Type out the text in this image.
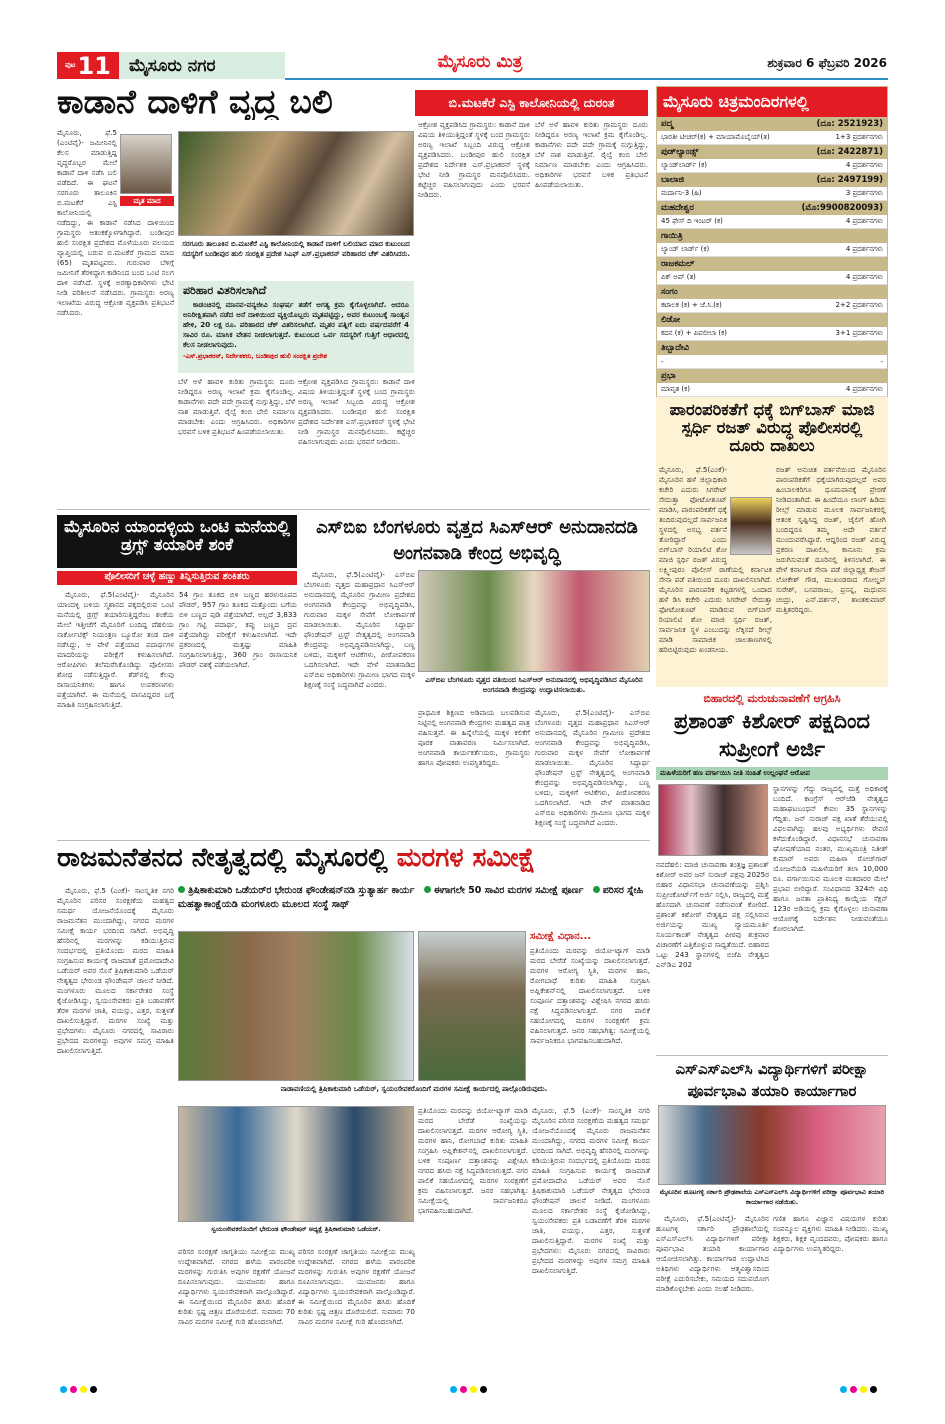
ಪುಟ 11 ಮೈಸೂರು ನಗರ	ಮೈಸೂರು ಮಿತ್ರ	ಶುಕ್ರವಾರ 6 ಫೆಬ್ರವರಿ 2026
ಕಾಡಾನೆ ದಾಳಿಗೆ ವೃದ್ಧ ಬಲಿ	ಬಿ.ಮಟಕೆರೆ ಎಸ್ಟಿ ಕಾಲೋನಿಯಲ್ಲಿ ದುರಂತ
ಮೃತ ಮಾದ
ಮೈಸೂರು, ಫೆ.5 (ಎಂಟಿವೈ)- ಜಮೀನಿನಲ್ಲಿ ಕೆಲಸ ಮಾಡುತ್ತಿದ್ದ ವೃದ್ಧರೊಬ್ಬರ ಮೇಲೆ ಕಾಡಾನೆ ದಾಳಿ ನಡೆಸಿ ಬಲಿ ಪಡೆದಿದೆ. ಈ ಘಟನೆ ಸರಗೂರು ತಾಲೂಕಿನ ಬಿ.ಮಟಕೆರೆ ಎಸ್ಟಿ ಕಾಲೋನಿಯಲ್ಲಿ ನಡೆದಿದ್ದು, ಈ ಕಾಡಾನೆ ನಡೆಸಿದ ದಾಳಿಯಿಂದ ಗ್ರಾಮಸ್ಥರು ಆತಂಕಕ್ಕೊಳಗಾಗಿದ್ದಾರೆ. ಬಂಡೀಪುರ ಹುಲಿ ಸಂರಕ್ಷಿತ ಪ್ರದೇಶದ ಮೊಳೆಯೂರು ವಲಯದ ವ್ಯಾಪ್ತಿಯಲ್ಲಿ ಬರುವ ಬಿ.ಮಟಕೆರೆ ಗ್ರಾಮದ ಮಾದ (65) ಮೃತಪಟ್ಟವರು. ಗುರುವಾರ ಬೆಳಿಗ್ಗೆ ಜಮೀನಿಗೆ ತೆರಳಿದ್ದಾಗ ಕಾಡಿನಿಂದ ಬಂದ ಒಂಟಿ ಸಲಗ ದಾಳಿ ನಡೆಸಿದೆ. ಸ್ಥಳಕ್ಕೆ ಅರಣ್ಯಾಧಿಕಾರಿಗಳು ಭೇಟಿ ನೀಡಿ ಪರಿಶೀಲನೆ ನಡೆಸಿದರು. ಗ್ರಾಮಸ್ಥರು ಅರಣ್ಯ ಇಲಾಖೆಯ ವಿರುದ್ಧ ಆಕ್ರೋಶ ವ್ಯಕ್ತಪಡಿಸಿ ಪ್ರತಿಭಟನೆ ನಡೆಸಿದರು.
ಸರಗೂರು ತಾಲೂಕಿನ ಬಿ.ಮಟಕೆರೆ ಎಸ್ಟಿ ಕಾಲೋನಿಯಲ್ಲಿ ಕಾಡಾನೆ ದಾಳಿಗೆ ಬಲಿಯಾದ ಮಾದ ಕುಟುಂಬದ ಸದಸ್ಯರಿಗೆ ಬಂಡೀಪುರ ಹುಲಿ ಸಂರಕ್ಷಿತ ಪ್ರದೇಶ ಸಿಎಫ್ ಎಸ್.ಪ್ರಭಾಕರನ್ ಪರಿಹಾರದ ಚೆಕ್ ವಿತರಿಸಿದರು.
ಪರಿಹಾರ ವಿತರಿಸಲಾಗಿದೆ
ಕಾಡಂಚಿನಲ್ಲಿ ಮಾನವ-ವನ್ಯಜೀವಿ ಸಂಘರ್ಷ ತಡೆಗೆ ಅಗತ್ಯ ಕ್ರಮ ಕೈಗೊಳ್ಳಲಾಗಿದೆ. ಆದರೂ ಅನಿರೀಕ್ಷಿತವಾಗಿ ನಡೆದ ಆನೆ ದಾಳಿಯಿಂದ ವ್ಯಕ್ತಿಯೊಬ್ಬರು ಮೃತಪಟ್ಟಿದ್ದು, ಅವರ ಕುಟುಂಬಕ್ಕೆ ಸಾಂತ್ವನ ಹೇಳಿ, 20 ಲಕ್ಷ ರೂ. ಪರಿಹಾರದ ಚೆಕ್ ವಿತರಿಸಲಾಗಿದೆ. ಮೃತರ ಪತ್ನಿಗೆ ಐದು ವರ್ಷದವರೆಗೆ 4 ಸಾವಿರ ರೂ. ಮಾಸಿಕ ವೇತನ ನೀಡಲಾಗುತ್ತದೆ. ಕುಟುಂಬದ ಒರ್ವ ಸದಸ್ಯರಿಗೆ ಗುತ್ತಿಗೆ ಆಧಾರದಲ್ಲಿ ಕೆಲಸ ನೀಡಲಾಗುವುದು.
-ಎಸ್.ಪ್ರಭಾಕರನ್, ನಿರ್ದೇಶಕರು, ಬಂಡೀಪುರ ಹುಲಿ ಸಂರಕ್ಷಿತ ಪ್ರದೇಶ
ಬೆಳೆ ಅಳೆ ಹಾವಳಿ ಕುರಿತು ಗ್ರಾಮಸ್ಥರು ದೂರು ನೀಡಿದ್ದರೂ ಅರಣ್ಯ ಇಲಾಖೆ ಕ್ರಮ ಕೈಗೊಂಡಿಲ್ಲ. ಕಾಡಾನೆಗಳು ಪದೇ ಪದೇ ಗ್ರಾಮಕ್ಕೆ ನುಗ್ಗುತ್ತಿದ್ದು, ಬೆಳೆ ನಾಶ ಮಾಡುತ್ತಿವೆ. ರೈಲ್ವೆ ಕಂಬಿ ಬೇಲಿ ನಿರ್ಮಾಣ ಮಾಡಬೇಕು ಎಂದು ಆಗ್ರಹಿಸಿದರು. ಅಧಿಕಾರಿಗಳ ಭರವಸೆ ಬಳಿಕ ಪ್ರತಿಭಟನೆ ಹಿಂಪಡೆಯಲಾಯಿತು.
ಆಕ್ರೋಶ ವ್ಯಕ್ತಪಡಿಸಿದ ಗ್ರಾಮಸ್ಥರು: ಕಾಡಾನೆ ದಾಳಿ ವಿಷಯ ತಿಳಿಯುತ್ತಿದ್ದಂತೆ ಸ್ಥಳಕ್ಕೆ ಬಂದ ಗ್ರಾಮಸ್ಥರು ಅರಣ್ಯ ಇಲಾಖೆ ಸಿಬ್ಬಂದಿ ವಿರುದ್ಧ ಆಕ್ರೋಶ ವ್ಯಕ್ತಪಡಿಸಿದರು. ಬಂಡೀಪುರ ಹುಲಿ ಸಂರಕ್ಷಿತ ಪ್ರದೇಶದ ನಿರ್ದೇಶಕ ಎಸ್.ಪ್ರಭಾಕರನ್ ಸ್ಥಳಕ್ಕೆ ಭೇಟಿ ನೀಡಿ ಗ್ರಾಮಸ್ಥರ ಮನವೊಲಿಸಿದರು. ಕಟ್ಟೆಚ್ಚರ ವಹಿಸಲಾಗುವುದು ಎಂದು ಭರವಸೆ ನೀಡಿದರು.
ಆಕ್ರೋಶ ವ್ಯಕ್ತಪಡಿಸಿದ ಗ್ರಾಮಸ್ಥರು: ಕಾಡಾನೆ ದಾಳಿ ವಿಷಯ ತಿಳಿಯುತ್ತಿದ್ದಂತೆ ಸ್ಥಳಕ್ಕೆ ಬಂದ ಗ್ರಾಮಸ್ಥರು ಅರಣ್ಯ ಇಲಾಖೆ ಸಿಬ್ಬಂದಿ ವಿರುದ್ಧ ಆಕ್ರೋಶ ವ್ಯಕ್ತಪಡಿಸಿದರು. ಬಂಡೀಪುರ ಹುಲಿ ಸಂರಕ್ಷಿತ ಪ್ರದೇಶದ ನಿರ್ದೇಶಕ ಎಸ್.ಪ್ರಭಾಕರನ್ ಸ್ಥಳಕ್ಕೆ ಭೇಟಿ ನೀಡಿ ಗ್ರಾಮಸ್ಥರ ಮನವೊಲಿಸಿದರು. ಕಟ್ಟೆಚ್ಚರ ವಹಿಸಲಾಗುವುದು ಎಂದು ಭರವಸೆ ನೀಡಿದರು.
ಬೆಳೆ ಅಳೆ ಹಾವಳಿ ಕುರಿತು ಗ್ರಾಮಸ್ಥರು ದೂರು ನೀಡಿದ್ದರೂ ಅರಣ್ಯ ಇಲಾಖೆ ಕ್ರಮ ಕೈಗೊಂಡಿಲ್ಲ. ಕಾಡಾನೆಗಳು ಪದೇ ಪದೇ ಗ್ರಾಮಕ್ಕೆ ನುಗ್ಗುತ್ತಿದ್ದು, ಬೆಳೆ ನಾಶ ಮಾಡುತ್ತಿವೆ. ರೈಲ್ವೆ ಕಂಬಿ ಬೇಲಿ ನಿರ್ಮಾಣ ಮಾಡಬೇಕು ಎಂದು ಆಗ್ರಹಿಸಿದರು. ಅಧಿಕಾರಿಗಳ ಭರವಸೆ ಬಳಿಕ ಪ್ರತಿಭಟನೆ ಹಿಂಪಡೆಯಲಾಯಿತು.
ಮೈಸೂರು ಚಿತ್ರಮಂದಿರಗಳಲ್ಲಿ
ಪದ್ಮ	(ದೂ: 2521923)
ಭಾರತೀ ಟೀಚರ್(ಕ) + ಮಾಯಾಮೊಬೈಯ್(ತ)	1+3 ಪ್ರದರ್ಶನಗಳು
ಪುಡ್‌ಲ್ಯಾಂಡ್ಸ್	(ದೂ: 2422871)
ಲ್ಯಾಂಡ್‌ಲಾರ್ಡ್ (ಕ)	4 ಪ್ರದರ್ಶನಗಳು
ಬಾಲಾಜಿ	(ದೂ: 2497199)
ಮರ್ದಾನಿ-3 (ಹಿ)	3 ಪ್ರದರ್ಶನಗಳು
ಮಹದೇಶ್ವರ	(ಮೊ:9900820093)
45 ಫೇಸ್ ದಿ ಇಂಟರ್ (ಕ)	4 ಪ್ರದರ್ಶನಗಳು
ಗಾಯಿತ್ರಿ
ಲ್ಯಾಂಡ್ ಲಾರ್ಡ್ (ಕ)	4 ಪ್ರದರ್ಶನಗಳು
ರಾಜಕಮಲ್
ಪಿಕ್ ಅಪ್ (ತ)	4 ಪ್ರದರ್ಶನಗಳು
ಸಂಗಂ
ಕಟಾಲಕ (ಕ) + ಜೆ.ಸಿ.(ಕ)	2+2 ಪ್ರದರ್ಶನಗಳು
ಲಿಡೋ
ಕದನ (ಕ) + ಪಿಪಲೀಲಾ (ಕ)	3+1 ಪ್ರದರ್ಶನಗಳು
ತಿಬ್ಬಾದೇವಿ
-	-
ಪ್ರಭಾ
ಮಾವೃತ (ಕ)	4 ಪ್ರದರ್ಶನಗಳು
ಪಾರಂಪರಿಕತೆಗೆ ಧಕ್ಕೆ ಬಿಗ್‌ಬಾಸ್ ಮಾಜಿ ಸ್ಪರ್ಧಿ ರಜತ್ ವಿರುದ್ಧ ಪೊಲೀಸರಲ್ಲಿ ದೂರು ದಾಖಲು
ಮೈಸೂರು, ಫೆ.5(ಎಂಕೆ)- ಮೈಸೂರಿನ ಹಳೆ ಜಿಲ್ಲಾಧಿಕಾರಿ ಕಚೇರಿ ಎದುರು ಸಿಗರೇಟ್ ಸೇದುತ್ತಾ ಫೋಟೋಶೂಟ್ ಮಾಡಿಸಿ, ಪಾರಂಪರಿಕತೆಗೆ ಧಕ್ಕೆ ತಂದಿರುವುದಲ್ಲದೆ ಸಾರ್ವಜನಿಕ ಸ್ಥಳದಲ್ಲಿ ಅಸಭ್ಯ ವರ್ತನೆ ತೋರಿದ್ದಾರೆ ಎಂದು ಬಿಗ್‌ಬಾಸ್ ರಿಯಾಲಿಟಿ ಶೋ ಮಾಜಿ ಸ್ಪರ್ಧಿ ರಜತ್ ವಿರುದ್ಧ ಲಕ್ಷ್ಮೀಪುರಂ ಪೊಲೀಸ್ ಠಾಣೆಯಲ್ಲಿ ಕರ್ನಾಟಕ ಸೇನಾ ಪಡೆ ವತಿಯಿಂದ ದೂರು ದಾಖಲಿಸಲಾಗಿದೆ. ಮೈಸೂರಿನ ಪಾರಂಪರಿಕ ಕಟ್ಟಡಗಳಲ್ಲಿ ಒಂದಾದ ಹಳೆ ಡಿಸಿ ಕಚೇರಿ ಎದುರು ಸಿಗರೇಟ್ ಸೇದುತ್ತಾ ಫೋಟೋಶೂಟ್ ಮಾಡಿರುವ ಬಿಗ್‌ಬಾಸ್ ರಿಯಾಲಿಟಿ ಶೋ ಮಾಜಿ ಸ್ಪರ್ಧಿ ರಜತ್, ಸಾರ್ವಜನಿಕ ಸ್ಥಳ ಎಂಬುದನ್ನು ಲೆಕ್ಕಿಸದೆ ರೀಲ್ಸ್ ಮಾಡಿ ಸಾಮಾಜಿಕ ಜಾಲತಾಣಗಳಲ್ಲಿ ಹರಿಬಿಟ್ಟಿರುವುದು ಖಂಡನೀಯ.
ರಜತ್ ಅನುಚಿತ ವರ್ತನೆಯಿಂದ ಮೈಸೂರಿನ ಪಾರಂಪರಿಕತೆಗೆ ಧಕ್ಕೆಯಾಗಿರುವುದಲ್ಲದೆ ಅವರ ಹಿಂಬಾಲಕರಿಗೂ ಧೂಮಪಾನಕ್ಕೆ ಪ್ರೇರಣೆ ನೀಡಿದಂತಾಗಿದೆ. ಈ ಹಿಂದೆಯೂ ಲಾಂಗ್ ಹಿಡಿದು ರೀಲ್ಸ್ ಮಾಡುವ ಮೂಲಕ ಸಾರ್ವಜನಿಕರಲ್ಲಿ ಆತಂಕ ಸೃಷ್ಟಿಸಿದ್ದ ರಜತ್, ಜೈಲಿಗೆ ಹೋಗಿ ಬಂದಿದ್ದರೂ ತಮ್ಮ ಅದೇ ವರ್ತನೆ ಮುಂದುವರೆಸಿದ್ದಾರೆ. ಆದ್ದರಿಂದ ರಜತ್ ವಿರುದ್ಧ ಪ್ರಕರಣ ದಾಖಲಿಸಿ, ಕಾನೂನು ಕ್ರಮ ಜರುಗಿಸುವಂತೆ ದೂರಿನಲ್ಲಿ ತಿಳಿಸಲಾಗಿದೆ. ಈ ವೇಳೆ ಕರ್ನಾಟಕ ಸೇನಾ ಪಡೆ ಜಿಲ್ಲಾಧ್ಯಕ್ಷ ತೇಜಸ್ ಲೋಕೇಶ್ ಗೌಡ, ಮುಖಂಡರಾದ ಗೋಲ್ಡನ್ ಸುರೇಶ್, ಬಸವರಾಜು, ಪ್ರಸನ್ನ, ಮಧುವನ ಚಂದ್ರು, ಎನ್.ದರ್ಶನ್, ಶಾಂತಕುಮಾರ್ ಮತ್ತಿತರರಿದ್ದರು.
ಬಿಹಾರದಲ್ಲಿ ಮರುಚುನಾವಣೆಗೆ ಆಗ್ರಹಿಸಿ
ಪ್ರಶಾಂತ್ ಕಿಶೋರ್ ಪಕ್ಷದಿಂದ ಸುಪ್ರೀಂಗೆ ಅರ್ಜಿ
ಮಹಿಳೆಯರಿಗೆ ಹಣ ವರ್ಗಾಯಿಸಿ ನೀತಿ ಸಂಹಿತೆ ಉಲ್ಲಂಘನೆ ಆರೋಪ
ನವದೆಹಲಿ: ಮಾಜಿ ಚುನಾವಣಾ ತಂತ್ರಜ್ಞ ಪ್ರಶಾಂತ್ ಕಿಶೋರ್ ಅವರ ಜನ್ ಸುರಾಜ್ ಪಕ್ಷವು 2025ರ ಬಿಹಾರ ವಿಧಾನಸಭಾ ಚುನಾವಣೆಯನ್ನು ಪ್ರಶ್ನಿಸಿ ಸುಪ್ರೀಂಕೋರ್ಟ್‌ಗೆ ಅರ್ಜಿ ಸಲ್ಲಿಸಿ, ರಾಜ್ಯದಲ್ಲಿ ಮತ್ತೆ ಹೊಸದಾಗಿ ಚುನಾವಣೆ ನಡೆಸುವಂತೆ ಕೋರಿದೆ. ಪ್ರಶಾಂತ್ ಕಿಶೋರ್ ನೇತೃತ್ವದ ಪಕ್ಷ ಸಲ್ಲಿಸಿರುವ ಅರ್ಜಿಯನ್ನು ಮುಖ್ಯ ನ್ಯಾಯಮೂರ್ತಿ ಸೂರ್ಯಕಾಂತ್ ನೇತೃತ್ವದ ಪೀಠವು ಶುಕ್ರವಾರ ವಿಚಾರಣೆಗೆ ಎತ್ತಿಕೊಳ್ಳುವ ಸಾಧ್ಯತೆಯಿದೆ. ಬಿಹಾರದ ಒಟ್ಟು 243 ಸ್ಥಾನಗಳಲ್ಲಿ ಬಿಜೆಪಿ ನೇತೃತ್ವದ ಎನ್‌ಡಿಎ 202
ಸ್ಥಾನಗಳನ್ನು ಗೆದ್ದು ರಾಜ್ಯದಲ್ಲಿ ಮತ್ತೆ ಅಧಿಕಾರಕ್ಕೆ ಬಂದಿದೆ. ಕಾಂಗ್ರೆಸ್ ಆರ್‌ಜೆಡಿ ನೇತೃತ್ವದ ಮಹಾಘಟಬಂಧನ್ ಕೇವಲ 35 ಸ್ಥಾನಗಳನ್ನು ಗೆದ್ದಿತು. ಜನ್ ಸುರಾಜ್ ಪಕ್ಷ ಖಾತೆ ತೆರೆಯುವಲ್ಲಿ ವಿಫಲವಾಗಿದ್ದು ಹಲವು ಅಭ್ಯರ್ಥಿಗಳು ಠೇವಣಿ ಕಳೆದುಕೊಂಡಿದ್ದಾರೆ. ವಿಧಾನಸಭೆ ಚುನಾವಣಾ ಘೋಷಣೆಯಾದ ನಂತರ, ಮುಖ್ಯಮಂತ್ರಿ ನಿತೀಶ್ ಕುಮಾರ್ ಅವರು ಮಹಿಳಾ ರೋಜ್‌ಗಾರ್ ಯೋಜನೆಯಡಿ ಮಹಿಳೆಯರಿಗೆ ತಲಾ 10,000 ರೂ. ವರ್ಗಾಯಿಸುವ ಮೂಲಕ ಮತದಾರರ ಮೇಲೆ ಪ್ರಭಾವ ಬೀರಿದ್ದಾರೆ. ಸಂವಿಧಾನದ 324ನೇ ವಿಧಿ ಹಾಗೂ ಜನತಾ ಪ್ರಾತಿನಿಧ್ಯ ಕಾಯ್ದೆಯ ಸೆಕ್ಷನ್ 123ರ ಅಡಿಯಲ್ಲಿ ಕ್ರಮ ಕೈಗೊಳ್ಳಲು ಚುನಾವಣಾ ಆಯೋಗಕ್ಕೆ ನಿರ್ದೇಶನ ನೀಡುವಂತೆಯೂ ಕೋರಲಾಗಿದೆ.
ಮೈಸೂರಿನ ಯಾಂದಳ್ಳಿಯ ಒಂಟಿ ಮನೆಯಲ್ಲಿ ಡ್ರಗ್ಸ್ ತಯಾರಿಕೆ ಶಂಕೆ
ಪೊಲೀಸರಿಗೆ ಚಳ್ಳೆ ಹಣ್ಣು ತಿನ್ನಿಸುತ್ತಿರುವ ಶಂಕಿತರು
ಮೈಸೂರು, ಫೆ.5(ಎಂಟಿವೈ)- ಮೈಸೂರಿನ ಯಾಂದಳ್ಳಿ ಬಳಿಯ ಸ್ಮಶಾನದ ಪಕ್ಕದಲ್ಲಿರುವ ಒಂಟಿ ಮನೆಯಲ್ಲಿ ಡ್ರಗ್ಸ್ ತಯಾರಿಸುತ್ತಿದ್ದರೆಂಬ ಶಂಕೆಯ ಮೇಲೆ ಇತ್ತೀಚೆಗೆ ಮೈಸೂರಿಗೆ ಬಂದಿದ್ದ ದೆಹಲಿಯ ನಾರ್ಕೋಟಿಕ್ಸ್ ನಿಯಂತ್ರಣ ಬ್ಯೂರೋ ತಂಡ ದಾಳಿ ನಡೆಸಿದ್ದು, ಆ ವೇಳೆ ಪತ್ತೆಯಾದ ಪದಾರ್ಥಗಳ ಮಾದರಿಯನ್ನು ಪರೀಕ್ಷೆಗೆ ಕಳುಹಿಸಲಾಗಿದೆ. ಆರೋಪಿಗಳು ತಲೆಮರೆಸಿಕೊಂಡಿದ್ದು ಪೊಲೀಸರು ಶೋಧ ನಡೆಸುತ್ತಿದ್ದಾರೆ. ಶೆಡ್‌ನಲ್ಲಿ ಕೆಲವು ರಾಸಾಯನಿಕಗಳು ಹಾಗೂ ಉಪಕರಣಗಳು ಪತ್ತೆಯಾಗಿವೆ. ಈ ಮನೆಯಲ್ಲಿ ವಾಸವಿದ್ದವರ ಬಗ್ಗೆ ಮಾಹಿತಿ ಸಂಗ್ರಹಿಸಲಾಗುತ್ತಿದೆ.
54 ಗ್ರಾಂ ತೂಕದ ಬಿಳಿ ಬಣ್ಣದ ಹರಳುರೂಪದ ಪೌಡರ್, 957 ಗ್ರಾಂ ತೂಕದ ಮತ್ತೊಂದು ಬಗೆಯ ಬಿಳಿ ಬಣ್ಣದ ಪುಡಿ ಪತ್ತೆಯಾಗಿದೆ. ಅಲ್ಲದೆ 3,833 ಗ್ರಾಂ ಗಟ್ಟಿ ಪದಾರ್ಥ, ಕಪ್ಪು ಬಣ್ಣದ ದ್ರವ ಪತ್ತೆಯಾಗಿದ್ದು ಪರೀಕ್ಷೆಗೆ ಕಳುಹಿಸಲಾಗಿದೆ. ಇದೇ ಪ್ರಕರಣದಲ್ಲಿ ಮತ್ತಷ್ಟು ಮಾಹಿತಿ ಸಂಗ್ರಹಿಸಲಾಗುತ್ತಿದ್ದು, 360 ಗ್ರಾಂ ರಾಸಾಯನಿಕ ಪೌಡರ್ ವಶಕ್ಕೆ ಪಡೆಯಲಾಗಿದೆ.
ಎಸ್‌ಬಿಐ ಬೆಂಗಳೂರು ವೃತ್ತದ ಸಿಎಸ್‌ಆರ್ ಅನುದಾನದಡಿ ಅಂಗನವಾಡಿ ಕೇಂದ್ರ ಅಭಿವೃದ್ಧಿ
ಮೈಸೂರು, ಫೆ.5(ಎಂಟಿವೈ)- ಎಸ್‌ಬಿಐ ಬೆಂಗಳೂರು ವೃತ್ತದ ಮಹಾಪ್ರಧಾನ ಸಿಎಸ್‌ಆರ್ ಅನುದಾನದಲ್ಲಿ ಮೈಸೂರಿನ ಗ್ರಾಮೀಣ ಪ್ರದೇಶದ ಅಂಗನವಾಡಿ ಕೇಂದ್ರವನ್ನು ಅಭಿವೃದ್ಧಿಪಡಿಸಿ, ಗುರುವಾರ ಮಕ್ಕಳ ಸೇವೆಗೆ ಲೋಕಾರ್ಪಣೆ ಮಾಡಲಾಯಿತು. ಮೈಸೂರಿನ ಸಿದ್ದಾರ್ಥ ಫೌಂಡೇಷನ್ ಟ್ರಸ್ಟ್ ನೇತೃತ್ವದಲ್ಲಿ ಅಂಗನವಾಡಿ ಕೇಂದ್ರವನ್ನು ಅಭಿವೃದ್ಧಿಪಡಿಸಲಾಗಿದ್ದು, ಬಣ್ಣ ಬಳಿದು, ಮಕ್ಕಳಿಗೆ ಆಟಿಕೆಗಳು, ಪೀಠೋಪಕರಣ ಒದಗಿಸಲಾಗಿದೆ. ಇದೇ ವೇಳೆ ಮಾತನಾಡಿದ ಎಸ್‌ಬಿಐ ಅಧಿಕಾರಿಗಳು ಗ್ರಾಮೀಣ ಭಾಗದ ಮಕ್ಕಳ ಶಿಕ್ಷಣಕ್ಕೆ ಸಂಸ್ಥೆ ಬದ್ಧವಾಗಿದೆ ಎಂದರು.	ಎಸ್‌ಬಿಐ ಬೆಂಗಳೂರು ವೃತ್ತದ ವತಿಯಿಂದ ಸಿಎಸ್‌ಆರ್ ಅನುದಾನದಲ್ಲಿ ಅಭಿವೃದ್ಧಿಪಡಿಸಿದ ಮೈಸೂರಿನ ಅಂಗನವಾಡಿ ಕೇಂದ್ರವನ್ನು ಉದ್ಘಾಟಿಸಲಾಯಿತು.
ಪ್ರಾಥಮಿಕ ಶಿಕ್ಷಣದ ಅಡಿಪಾಯ ಬಲಪಡಿಸುವ ನಿಟ್ಟಿನಲ್ಲಿ ಅಂಗನವಾಡಿ ಕೇಂದ್ರಗಳು ಮಹತ್ವದ ಪಾತ್ರ ವಹಿಸುತ್ತವೆ. ಈ ಹಿನ್ನೆಲೆಯಲ್ಲಿ ಮಕ್ಕಳ ಕಲಿಕೆಗೆ ಪೂರಕ ವಾತಾವರಣ ನಿರ್ಮಿಸಲಾಗಿದೆ. ಅಂಗನವಾಡಿ ಕಾರ್ಯಕರ್ತೆಯರು, ಗ್ರಾಮಸ್ಥರು ಹಾಗೂ ಪೋಷಕರು ಉಪಸ್ಥಿತರಿದ್ದರು.
ಮೈಸೂರು, ಫೆ.5(ಎಂಟಿವೈ)- ಎಸ್‌ಬಿಐ ಬೆಂಗಳೂರು ವೃತ್ತದ ಮಹಾಪ್ರಧಾನ ಸಿಎಸ್‌ಆರ್ ಅನುದಾನದಲ್ಲಿ ಮೈಸೂರಿನ ಗ್ರಾಮೀಣ ಪ್ರದೇಶದ ಅಂಗನವಾಡಿ ಕೇಂದ್ರವನ್ನು ಅಭಿವೃದ್ಧಿಪಡಿಸಿ, ಗುರುವಾರ ಮಕ್ಕಳ ಸೇವೆಗೆ ಲೋಕಾರ್ಪಣೆ ಮಾಡಲಾಯಿತು. ಮೈಸೂರಿನ ಸಿದ್ದಾರ್ಥ ಫೌಂಡೇಷನ್ ಟ್ರಸ್ಟ್ ನೇತೃತ್ವದಲ್ಲಿ ಅಂಗನವಾಡಿ ಕೇಂದ್ರವನ್ನು ಅಭಿವೃದ್ಧಿಪಡಿಸಲಾಗಿದ್ದು, ಬಣ್ಣ ಬಳಿದು, ಮಕ್ಕಳಿಗೆ ಆಟಿಕೆಗಳು, ಪೀಠೋಪಕರಣ ಒದಗಿಸಲಾಗಿದೆ. ಇದೇ ವೇಳೆ ಮಾತನಾಡಿದ ಎಸ್‌ಬಿಐ ಅಧಿಕಾರಿಗಳು ಗ್ರಾಮೀಣ ಭಾಗದ ಮಕ್ಕಳ ಶಿಕ್ಷಣಕ್ಕೆ ಸಂಸ್ಥೆ ಬದ್ಧವಾಗಿದೆ ಎಂದರು.
ರಾಜಮನೆತನದ ನೇತೃತ್ವದಲ್ಲಿ ಮೈಸೂರಲ್ಲಿ ಮರಗಳ ಸಮೀಕ್ಷೆ
ತ್ರಿಷಿಕಾಕುಮಾರಿ ಒಡೆಯರ್‌ರ ಭೇರುಂಡ ಫೌಂಡೇಷನ್‌ನಡಿ ಸ್ತುತ್ಯಾರ್ಹ ಕಾರ್ಯ ಈಗಾಗಲೇ 50 ಸಾವಿರ ಮರಗಳ ಸಮೀಕ್ಷೆ ಪೂರ್ಣ ಪರಿಸರ ಸ್ನೇಹಿ ಮಹತ್ವಾಕಾಂಕ್ಷೆಯಡಿ ಮಂಗಳೂರು ಮೂಲದ ಸಂಸ್ಥೆ ಸಾಥ್
ಮೈಸೂರು, ಫೆ.5 (ಎಂಕೆ)- ಸಾಂಸ್ಕೃತಿಕ ನಗರಿ ಮೈಸೂರಿನ ಪರಿಸರ ಸಂರಕ್ಷಣೆಯ ಮಹತ್ವದ ಸಮರ್ಥ ಯೋಜನೆಯೊಂದಕ್ಕೆ ಮೈಸೂರು ರಾಜಮನೆತನ ಮುಂದಾಗಿದ್ದು, ನಗರದ ಮರಗಳ ಸಮೀಕ್ಷೆ ಕಾರ್ಯ ಭರದಿಂದ ಸಾಗಿದೆ. ಅಭಿವೃದ್ಧಿ ಹೆಸರಿನಲ್ಲಿ ಮರಗಳನ್ನು ಕಡಿಯುತ್ತಿರುವ ಸಂದರ್ಭದಲ್ಲಿ ಪ್ರತಿಯೊಂದು ಮರದ ಮಾಹಿತಿ ಸಂಗ್ರಹಿಸುವ ಕಾರ್ಯಕ್ಕೆ ರಾಜಮಾತೆ ಪ್ರಮೋದಾದೇವಿ ಒಡೆಯರ್ ಅವರ ಸೊಸೆ ತ್ರಿಷಿಕಾಕುಮಾರಿ ಒಡೆಯರ್ ನೇತೃತ್ವದ ಭೇರುಂಡ ಫೌಂಡೇಷನ್ ಚಾಲನೆ ನೀಡಿದೆ. ಮಂಗಳೂರು ಮೂಲದ ಸರ್ಕಾರೇತರ ಸಂಸ್ಥೆ ಕೈಜೋಡಿಸಿದ್ದು, ಸ್ವಯಂಸೇವಕರು ಪ್ರತಿ ಬಡಾವಣೆಗೆ ತೆರಳಿ ಮರಗಳ ಜಾತಿ, ವಯಸ್ಸು, ಎತ್ತರ, ಸುತ್ತಳತೆ ದಾಖಲಿಸುತ್ತಿದ್ದಾರೆ. ಮರಗಳ ಸಂಖ್ಯೆ ಮತ್ತು ಪ್ರಭೇದಗಳು: ಮೈಸೂರು ನಗರದಲ್ಲಿ ಸಾವಿರಾರು ಪ್ರಭೇದದ ಮರಗಳಿದ್ದು ಅವುಗಳ ಸಮಗ್ರ ಮಾಹಿತಿ ದಾಖಲಿಸಲಾಗುತ್ತಿದೆ.
ಸಮೀಕ್ಷೆ ವಿಧಾನ...
ಪ್ರತಿಯೊಂದು ಮರವನ್ನು ಜಿಯೋ-ಟ್ಯಾಗ್ ಮಾಡಿ ಮರದ ಬೇರೆಡೆ ಸಂಖ್ಯೆಯನ್ನು ದಾಖಲಿಸಲಾಗುತ್ತದೆ. ಮರಗಳ ಆರೋಗ್ಯ ಸ್ಥಿತಿ, ಮರಗಳ ಹಾನಿ, ರೋಗಬಾಧೆ ಕುರಿತು ಮಾಹಿತಿ ಸಂಗ್ರಹಿಸಿ ಅಪ್ಲಿಕೇಶನ್‌ನಲ್ಲಿ ದಾಖಲಿಸಲಾಗುತ್ತದೆ. ಬಳಿಕ ಸಂಪೂರ್ಣ ದತ್ತಾಂಶವನ್ನು ವಿಶ್ಲೇಷಿಸಿ ನಗರದ ಹಸಿರು ನಕ್ಷೆ ಸಿದ್ಧಪಡಿಸಲಾಗುತ್ತದೆ. ನಗರ ಪಾಲಿಕೆ ಸಹಯೋಗದಲ್ಲಿ ಮರಗಳ ಸಂರಕ್ಷಣೆಗೆ ಕ್ರಮ ವಹಿಸಲಾಗುತ್ತದೆ. ಜನರ ಸಹಭಾಗಿತ್ವ: ಸಮೀಕ್ಷೆಯಲ್ಲಿ ಸಾರ್ವಜನಿಕರೂ ಭಾಗವಹಿಸಬಹುದಾಗಿದೆ.
ನಾಡಾವಣಿಯಲ್ಲಿ ತ್ರಿಷಿಕಾಕುಮಾರಿ ಒಡೆಯರ್, ಸ್ವಯಂಸೇವಕರೊಂದಿಗೆ ಮರಗಳ ಸಮೀಕ್ಷೆ ಕಾರ್ಯದಲ್ಲಿ ಪಾಲ್ಗೊಂಡಿರುವುದು.
ಸ್ವಯಂಸೇವಕರೊಂದಿಗೆ ಭೇರುಂಡ ಫೌಂಡೇಷನ್ ಅಧ್ಯಕ್ಷೆ ತ್ರಿಷಿಕಾಕುಮಾರಿ ಒಡೆಯರ್.
ಪರಿಸರ ಸಂರಕ್ಷಣೆ ಜಾಗೃತಿಯು ಸಮೀಕ್ಷೆಯ ಮುಖ್ಯ ಉದ್ದೇಶವಾಗಿದೆ. ನಗರದ ಹಳೆಯ ಪಾರಂಪರಿಕ ಮರಗಳನ್ನು ಗುರುತಿಸಿ ಅವುಗಳ ರಕ್ಷಣೆಗೆ ಯೋಜನೆ ರೂಪಿಸಲಾಗುವುದು. ಯುವಜನರು ಹಾಗೂ ವಿದ್ಯಾರ್ಥಿಗಳು ಸ್ವಯಂಸೇವಕರಾಗಿ ಪಾಲ್ಗೊಂಡಿದ್ದಾರೆ. ಈ ಸಮೀಕ್ಷೆಯಿಂದ ಮೈಸೂರಿನ ಹಸಿರು ಹೊದಿಕೆ ಕುರಿತು ಸ್ಪಷ್ಟ ಚಿತ್ರಣ ದೊರೆಯಲಿದೆ. ಸುಮಾರು 70 ಸಾವಿರ ಮರಗಳ ಸಮೀಕ್ಷೆ ಗುರಿ ಹೊಂದಲಾಗಿದೆ.
ಪರಿಸರ ಸಂರಕ್ಷಣೆ ಜಾಗೃತಿಯು ಸಮೀಕ್ಷೆಯ ಮುಖ್ಯ ಉದ್ದೇಶವಾಗಿದೆ. ನಗರದ ಹಳೆಯ ಪಾರಂಪರಿಕ ಮರಗಳನ್ನು ಗುರುತಿಸಿ ಅವುಗಳ ರಕ್ಷಣೆಗೆ ಯೋಜನೆ ರೂಪಿಸಲಾಗುವುದು. ಯುವಜನರು ಹಾಗೂ ವಿದ್ಯಾರ್ಥಿಗಳು ಸ್ವಯಂಸೇವಕರಾಗಿ ಪಾಲ್ಗೊಂಡಿದ್ದಾರೆ. ಈ ಸಮೀಕ್ಷೆಯಿಂದ ಮೈಸೂರಿನ ಹಸಿರು ಹೊದಿಕೆ ಕುರಿತು ಸ್ಪಷ್ಟ ಚಿತ್ರಣ ದೊರೆಯಲಿದೆ. ಸುಮಾರು 70 ಸಾವಿರ ಮರಗಳ ಸಮೀಕ್ಷೆ ಗುರಿ ಹೊಂದಲಾಗಿದೆ.
ಪ್ರತಿಯೊಂದು ಮರವನ್ನು ಜಿಯೋ-ಟ್ಯಾಗ್ ಮಾಡಿ ಮರದ ಬೇರೆಡೆ ಸಂಖ್ಯೆಯನ್ನು ದಾಖಲಿಸಲಾಗುತ್ತದೆ. ಮರಗಳ ಆರೋಗ್ಯ ಸ್ಥಿತಿ, ಮರಗಳ ಹಾನಿ, ರೋಗಬಾಧೆ ಕುರಿತು ಮಾಹಿತಿ ಸಂಗ್ರಹಿಸಿ ಅಪ್ಲಿಕೇಶನ್‌ನಲ್ಲಿ ದಾಖಲಿಸಲಾಗುತ್ತದೆ. ಬಳಿಕ ಸಂಪೂರ್ಣ ದತ್ತಾಂಶವನ್ನು ವಿಶ್ಲೇಷಿಸಿ ನಗರದ ಹಸಿರು ನಕ್ಷೆ ಸಿದ್ಧಪಡಿಸಲಾಗುತ್ತದೆ. ನಗರ ಪಾಲಿಕೆ ಸಹಯೋಗದಲ್ಲಿ ಮರಗಳ ಸಂರಕ್ಷಣೆಗೆ ಕ್ರಮ ವಹಿಸಲಾಗುತ್ತದೆ. ಜನರ ಸಹಭಾಗಿತ್ವ: ಸಮೀಕ್ಷೆಯಲ್ಲಿ ಸಾರ್ವಜನಿಕರೂ ಭಾಗವಹಿಸಬಹುದಾಗಿದೆ.
ಮೈಸೂರು, ಫೆ.5 (ಎಂಕೆ)- ಸಾಂಸ್ಕೃತಿಕ ನಗರಿ ಮೈಸೂರಿನ ಪರಿಸರ ಸಂರಕ್ಷಣೆಯ ಮಹತ್ವದ ಸಮರ್ಥ ಯೋಜನೆಯೊಂದಕ್ಕೆ ಮೈಸೂರು ರಾಜಮನೆತನ ಮುಂದಾಗಿದ್ದು, ನಗರದ ಮರಗಳ ಸಮೀಕ್ಷೆ ಕಾರ್ಯ ಭರದಿಂದ ಸಾಗಿದೆ. ಅಭಿವೃದ್ಧಿ ಹೆಸರಿನಲ್ಲಿ ಮರಗಳನ್ನು ಕಡಿಯುತ್ತಿರುವ ಸಂದರ್ಭದಲ್ಲಿ ಪ್ರತಿಯೊಂದು ಮರದ ಮಾಹಿತಿ ಸಂಗ್ರಹಿಸುವ ಕಾರ್ಯಕ್ಕೆ ರಾಜಮಾತೆ ಪ್ರಮೋದಾದೇವಿ ಒಡೆಯರ್ ಅವರ ಸೊಸೆ ತ್ರಿಷಿಕಾಕುಮಾರಿ ಒಡೆಯರ್ ನೇತೃತ್ವದ ಭೇರುಂಡ ಫೌಂಡೇಷನ್ ಚಾಲನೆ ನೀಡಿದೆ. ಮಂಗಳೂರು ಮೂಲದ ಸರ್ಕಾರೇತರ ಸಂಸ್ಥೆ ಕೈಜೋಡಿಸಿದ್ದು, ಸ್ವಯಂಸೇವಕರು ಪ್ರತಿ ಬಡಾವಣೆಗೆ ತೆರಳಿ ಮರಗಳ ಜಾತಿ, ವಯಸ್ಸು, ಎತ್ತರ, ಸುತ್ತಳತೆ ದಾಖಲಿಸುತ್ತಿದ್ದಾರೆ. ಮರಗಳ ಸಂಖ್ಯೆ ಮತ್ತು ಪ್ರಭೇದಗಳು: ಮೈಸೂರು ನಗರದಲ್ಲಿ ಸಾವಿರಾರು ಪ್ರಭೇದದ ಮರಗಳಿದ್ದು ಅವುಗಳ ಸಮಗ್ರ ಮಾಹಿತಿ ದಾಖಲಿಸಲಾಗುತ್ತಿದೆ.
ಎಸ್‌ಎಸ್‌ಎಲ್‌ಸಿ ವಿದ್ಯಾರ್ಥಿಗಳಿಗೆ ಪರೀಕ್ಷಾ ಪೂರ್ವಭಾವಿ ತಯಾರಿ ಕಾರ್ಯಾಗಾರ
ಮೈಸೂರಿನ ಹೂಟಗಳ್ಳಿ ಸರ್ಕಾರಿ ಪ್ರೌಢಶಾಲೆಯ ಎಸ್‌ಎಸ್‌ಎಲ್‌ಸಿ ವಿದ್ಯಾರ್ಥಿಗಳಿಗೆ ಪರೀಕ್ಷಾ ಪೂರ್ವಭಾವಿ ತಯಾರಿ ಕಾರ್ಯಾಗಾರ ನಡೆಯಿತು.
ಮೈಸೂರು, ಫೆ.5(ಎಂಟಿವೈ)- ಮೈಸೂರಿನ ಹೂಟಗಳ್ಳಿ ಸರ್ಕಾರಿ ಪ್ರೌಢಶಾಲೆಯಲ್ಲಿ ಎಸ್‌ಎಸ್‌ಎಲ್‌ಸಿ ವಿದ್ಯಾರ್ಥಿಗಳಿಗೆ ಪರೀಕ್ಷಾ ಪೂರ್ವಭಾವಿ ತಯಾರಿ ಕಾರ್ಯಾಗಾರ ಆಯೋಜಿಸಲಾಗಿತ್ತು. ಕಾರ್ಯಾಗಾರ ಉದ್ಘಾಟಿಸಿದ ಅತಿಥಿಗಳು ವಿದ್ಯಾರ್ಥಿಗಳು ಆತ್ಮವಿಶ್ವಾಸದಿಂದ ಪರೀಕ್ಷೆ ಎದುರಿಸಬೇಕು, ಸಮಯದ ಸದುಪಯೋಗ ಮಾಡಿಕೊಳ್ಳಬೇಕು ಎಂದು ಸಲಹೆ ನೀಡಿದರು.
ಗಣಿತ ಹಾಗೂ ವಿಜ್ಞಾನ ವಿಷಯಗಳ ಕುರಿತು ಸಂಪನ್ಮೂಲ ವ್ಯಕ್ತಿಗಳು ಮಾಹಿತಿ ನೀಡಿದರು. ಮುಖ್ಯ ಶಿಕ್ಷಕರು, ಶಿಕ್ಷಕ ವೃಂದದವರು, ಪೋಷಕರು ಹಾಗೂ ವಿದ್ಯಾರ್ಥಿಗಳು ಉಪಸ್ಥಿತರಿದ್ದರು.
